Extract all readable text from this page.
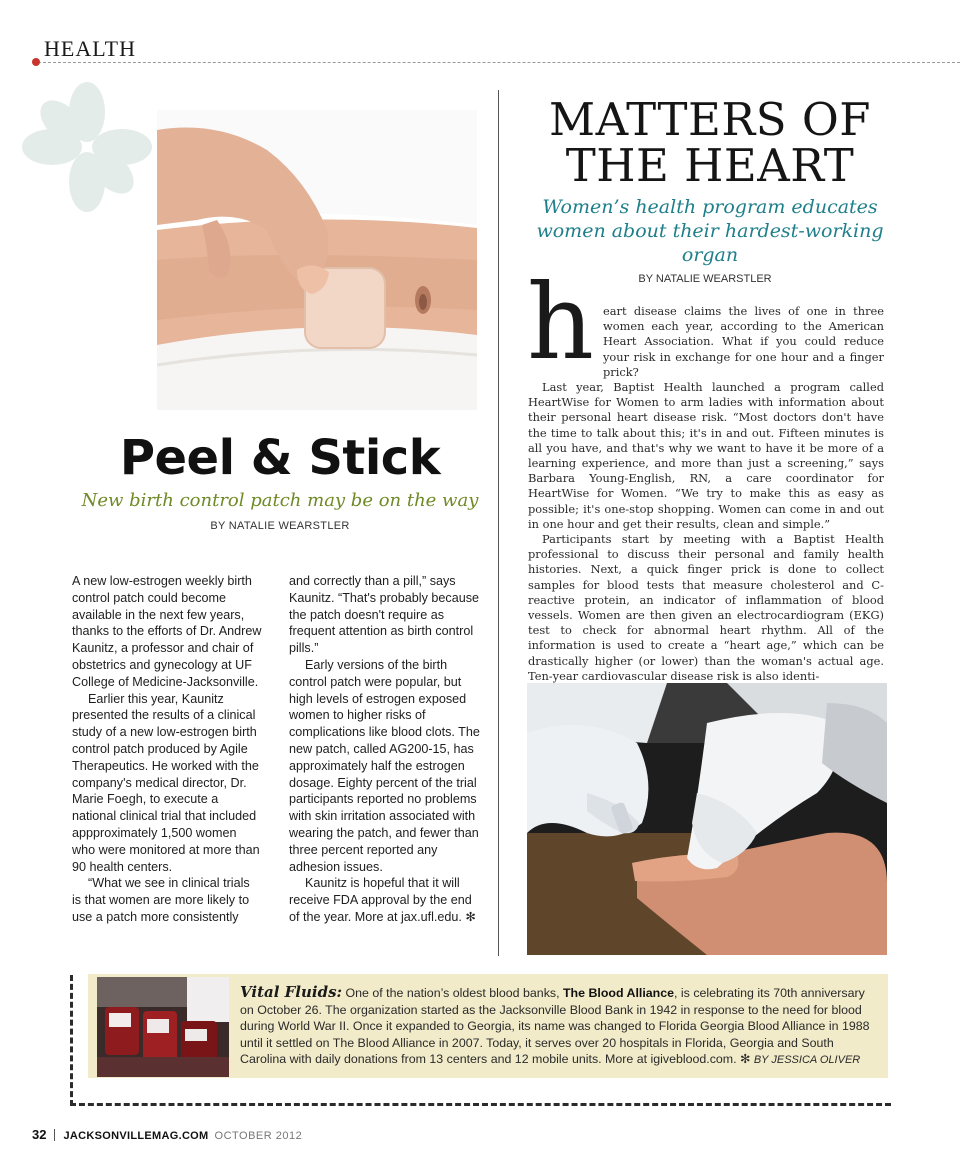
HEALTH
Peel & Stick
New birth control patch may be on the way
BY NATALIE WEARSTLER

A new low-estrogen weekly birth control patch could become available in the next few years, thanks to the efforts of Dr. Andrew Kaunitz, a professor and chair of obstetrics and gynecology at UF College of Medicine-Jacksonville.

Earlier this year, Kaunitz presented the results of a clinical study of a new low-estrogen birth control patch produced by Agile Therapeutics. He worked with the company's medical director, Dr. Marie Foegh, to execute a national clinical trial that included appproximately 1,500 women who were monitored at more than 90 health centers.

“What we see in clinical trials is that women are more likely to use a patch more consistently

and correctly than a pill,” says Kaunitz. “That's probably because the patch doesn't require as frequent attention as birth control pills.”

Early versions of the birth control patch were popular, but high levels of estrogen exposed women to higher risks of complications like blood clots. The new patch, called AG200-15, has approximately half the estrogen dosage. Eighty percent of the trial participants reported no problems with skin irritation associated with wearing the patch, and fewer than three percent reported any adhesion issues.

Kaunitz is hopeful that it will receive FDA approval by the end of the year. More at jax.ufl.edu. ✻

MATTERS OF
THE HEART
Women’s health program educates women about their hardest-working organ
BY NATALIE WEARSTLER
h eart disease claims the lives of one in three women each year, according to the American Heart Association. What if you could reduce your risk in exchange for one hour and a finger prick?

Last year, Baptist Health launched a program called HeartWise for Women to arm ladies with information about their personal heart disease risk. “Most doctors don't have the time to talk about this; it's in and out. Fifteen minutes is all you have, and that's why we want to have it be more of a learning experience, and more than just a screening,” says Barbara Young-English, RN, a care coordinator for HeartWise for Women. “We try to make this as easy as possible; it's one-stop shopping. Women can come in and out in one hour and get their results, clean and simple.”

Participants start by meeting with a Baptist Health professional to discuss their personal and family health histories. Next, a quick finger prick is done to collect samples for blood tests that measure cholesterol and C-reactive protein, an indicator of inflammation of blood vessels. Women are then given an electrocardiogram (EKG) test to check for abnormal heart rhythm. All of the information is used to create a “heart age,” which can be drastically higher (or lower) than the woman's actual age. Ten-year cardiovascular disease risk is also identi-

Vital Fluids: One of the nation’s oldest blood banks, The Blood Alliance, is celebrating its 70th anniversary on October 26. The organization started as the Jacksonville Blood Bank in 1942 in response to the need for blood during World War II. Once it expanded to Georgia, its name was changed to Florida Georgia Blood Alliance in 1988 until it settled on The Blood Alliance in 2007. Today, it serves over 20 hospitals in Florida, Georgia and South Carolina with daily donations from 13 centers and 12 mobile units. More at igiveblood.com. ✻ BY JESSICA OLIVER
32 JACKSONVILLEMAG.COM OCTOBER 2012
